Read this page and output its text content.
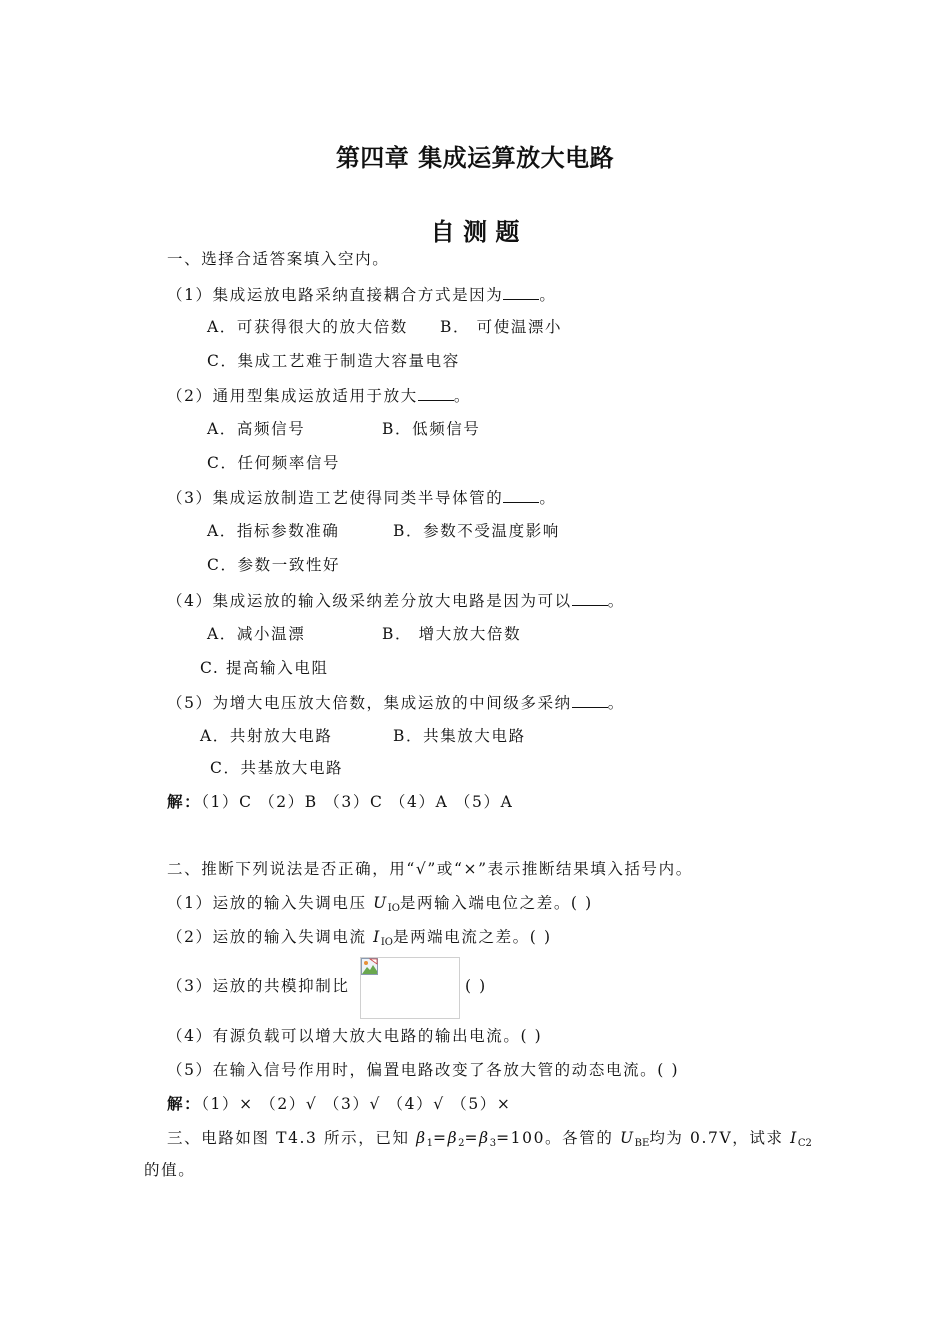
第四章 集成运算放大电路
自 测 题
一、选择合适答案填入空内。
（1）集成运放电路采纳直接耦合方式是因为 。
A．可获得很大的放大倍数 B． 可使温漂小
C．集成工艺难于制造大容量电容
（2）通用型集成运放适用于放大 。
A．高频信号	B．低频信号
C．任何频率信号
（3）集成运放制造工艺使得同类半导体管的 。
A．指标参数准确	B．参数不受温度影响
C．参数一致性好
（4）集成运放的输入级采纳差分放大电路是因为可以 。
A．减小温漂	B． 增大放大倍数
C. 提高输入电阻
（5）为增大电压放大倍数，集成运放的中间级多采纳 。
A．共射放大电路	B．共集放大电路
C．共基放大电路
解：（1）C （2）B （3）C （4）A （5）A
二、推断下列说法是否正确，用“√”或“×”表示推断结果填入括号内。
（1）运放的输入失调电压 $U_{IO}$是两输入端电位之差。( )
（2）运放的输入失调电流 $I_{IO}$是两端电流之差。( )
（3）运放的共模抑制比	( )
（4）有源负载可以增大放大电路的输出电流。( )
（5）在输入信号作用时，偏置电路改变了各放大管的动态电流。( )
解：（1）× （2）√ （3）√ （4）√ （5）×
三、电路如图 T4.3 所示，已知 $\beta_1=\beta_2=\beta_3=100$。各管的 $U_{BE}$均为 0.7V，试求 $I_{C2}$
的值。
